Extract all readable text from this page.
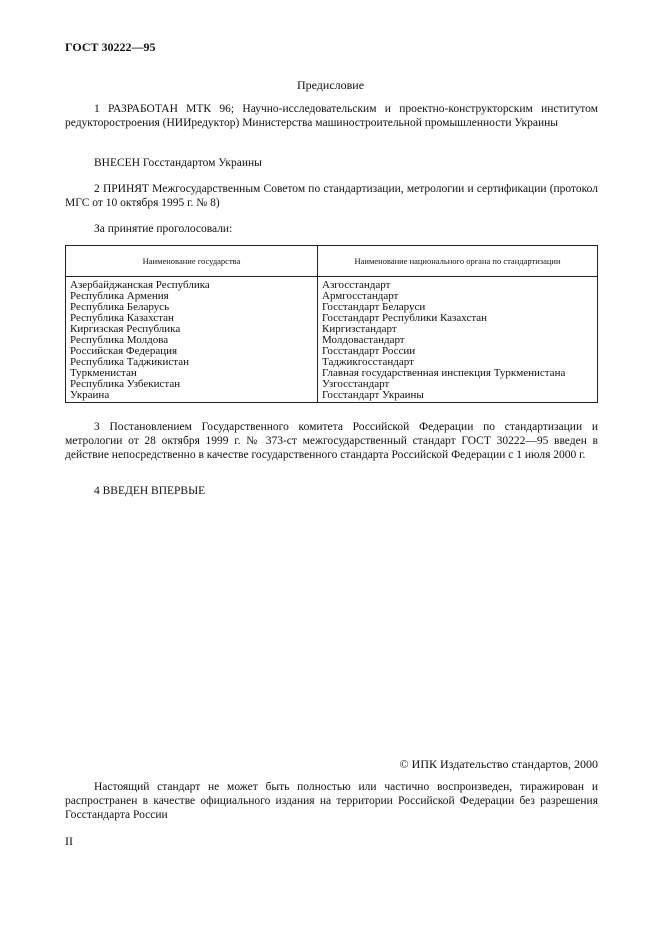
ГОСТ 30222—95
Предисловие
1 РАЗРАБОТАН МТК 96; Научно-исследовательским и проектно-конструкторским институтом редукторостроения (НИИредуктор) Министерства машиностроительной промышленности Украины
ВНЕСЕН Госстандартом Украины
2 ПРИНЯТ Межгосударственным Советом по стандартизации, метрологии и сертификации (протокол МГС от 10 октября 1995 г. № 8)
За принятие проголосовали:
Наименование государства	Наименование национального органа по стандартизации
Азербайджанская Республика	Азгосстандарт
Республика Армения	Армгосстандарт
Республика Беларусь	Госстандарт Беларуси
Республика Казахстан	Госстандарт Республики Казахстан
Киргизская Республика	Киргизстандарт
Республика Молдова	Молдовастандарт
Российская Федерация	Госстандарт России
Республика Таджикистан	Таджикгосстандарт
Туркменистан	Главная государственная инспекция Туркменистана
Республика Узбекистан	Узгосстандарт
Украина	Госстандарт Украины
3 Постановлением Государственного комитета Российской Федерации по стандартизации и метрологии от 28 октября 1999 г. № 373-ст межгосударственный стандарт ГОСТ 30222—95 введен в действие непосредственно в качестве государственного стандарта Российской Федерации с 1 июля 2000 г.
4 ВВЕДЕН ВПЕРВЫЕ
© ИПК Издательство стандартов, 2000
Настоящий стандарт не может быть полностью или частично воспроизведен, тиражирован и распространен в качестве официального издания на территории Российской Федерации без разрешения Госстандарта России
II
